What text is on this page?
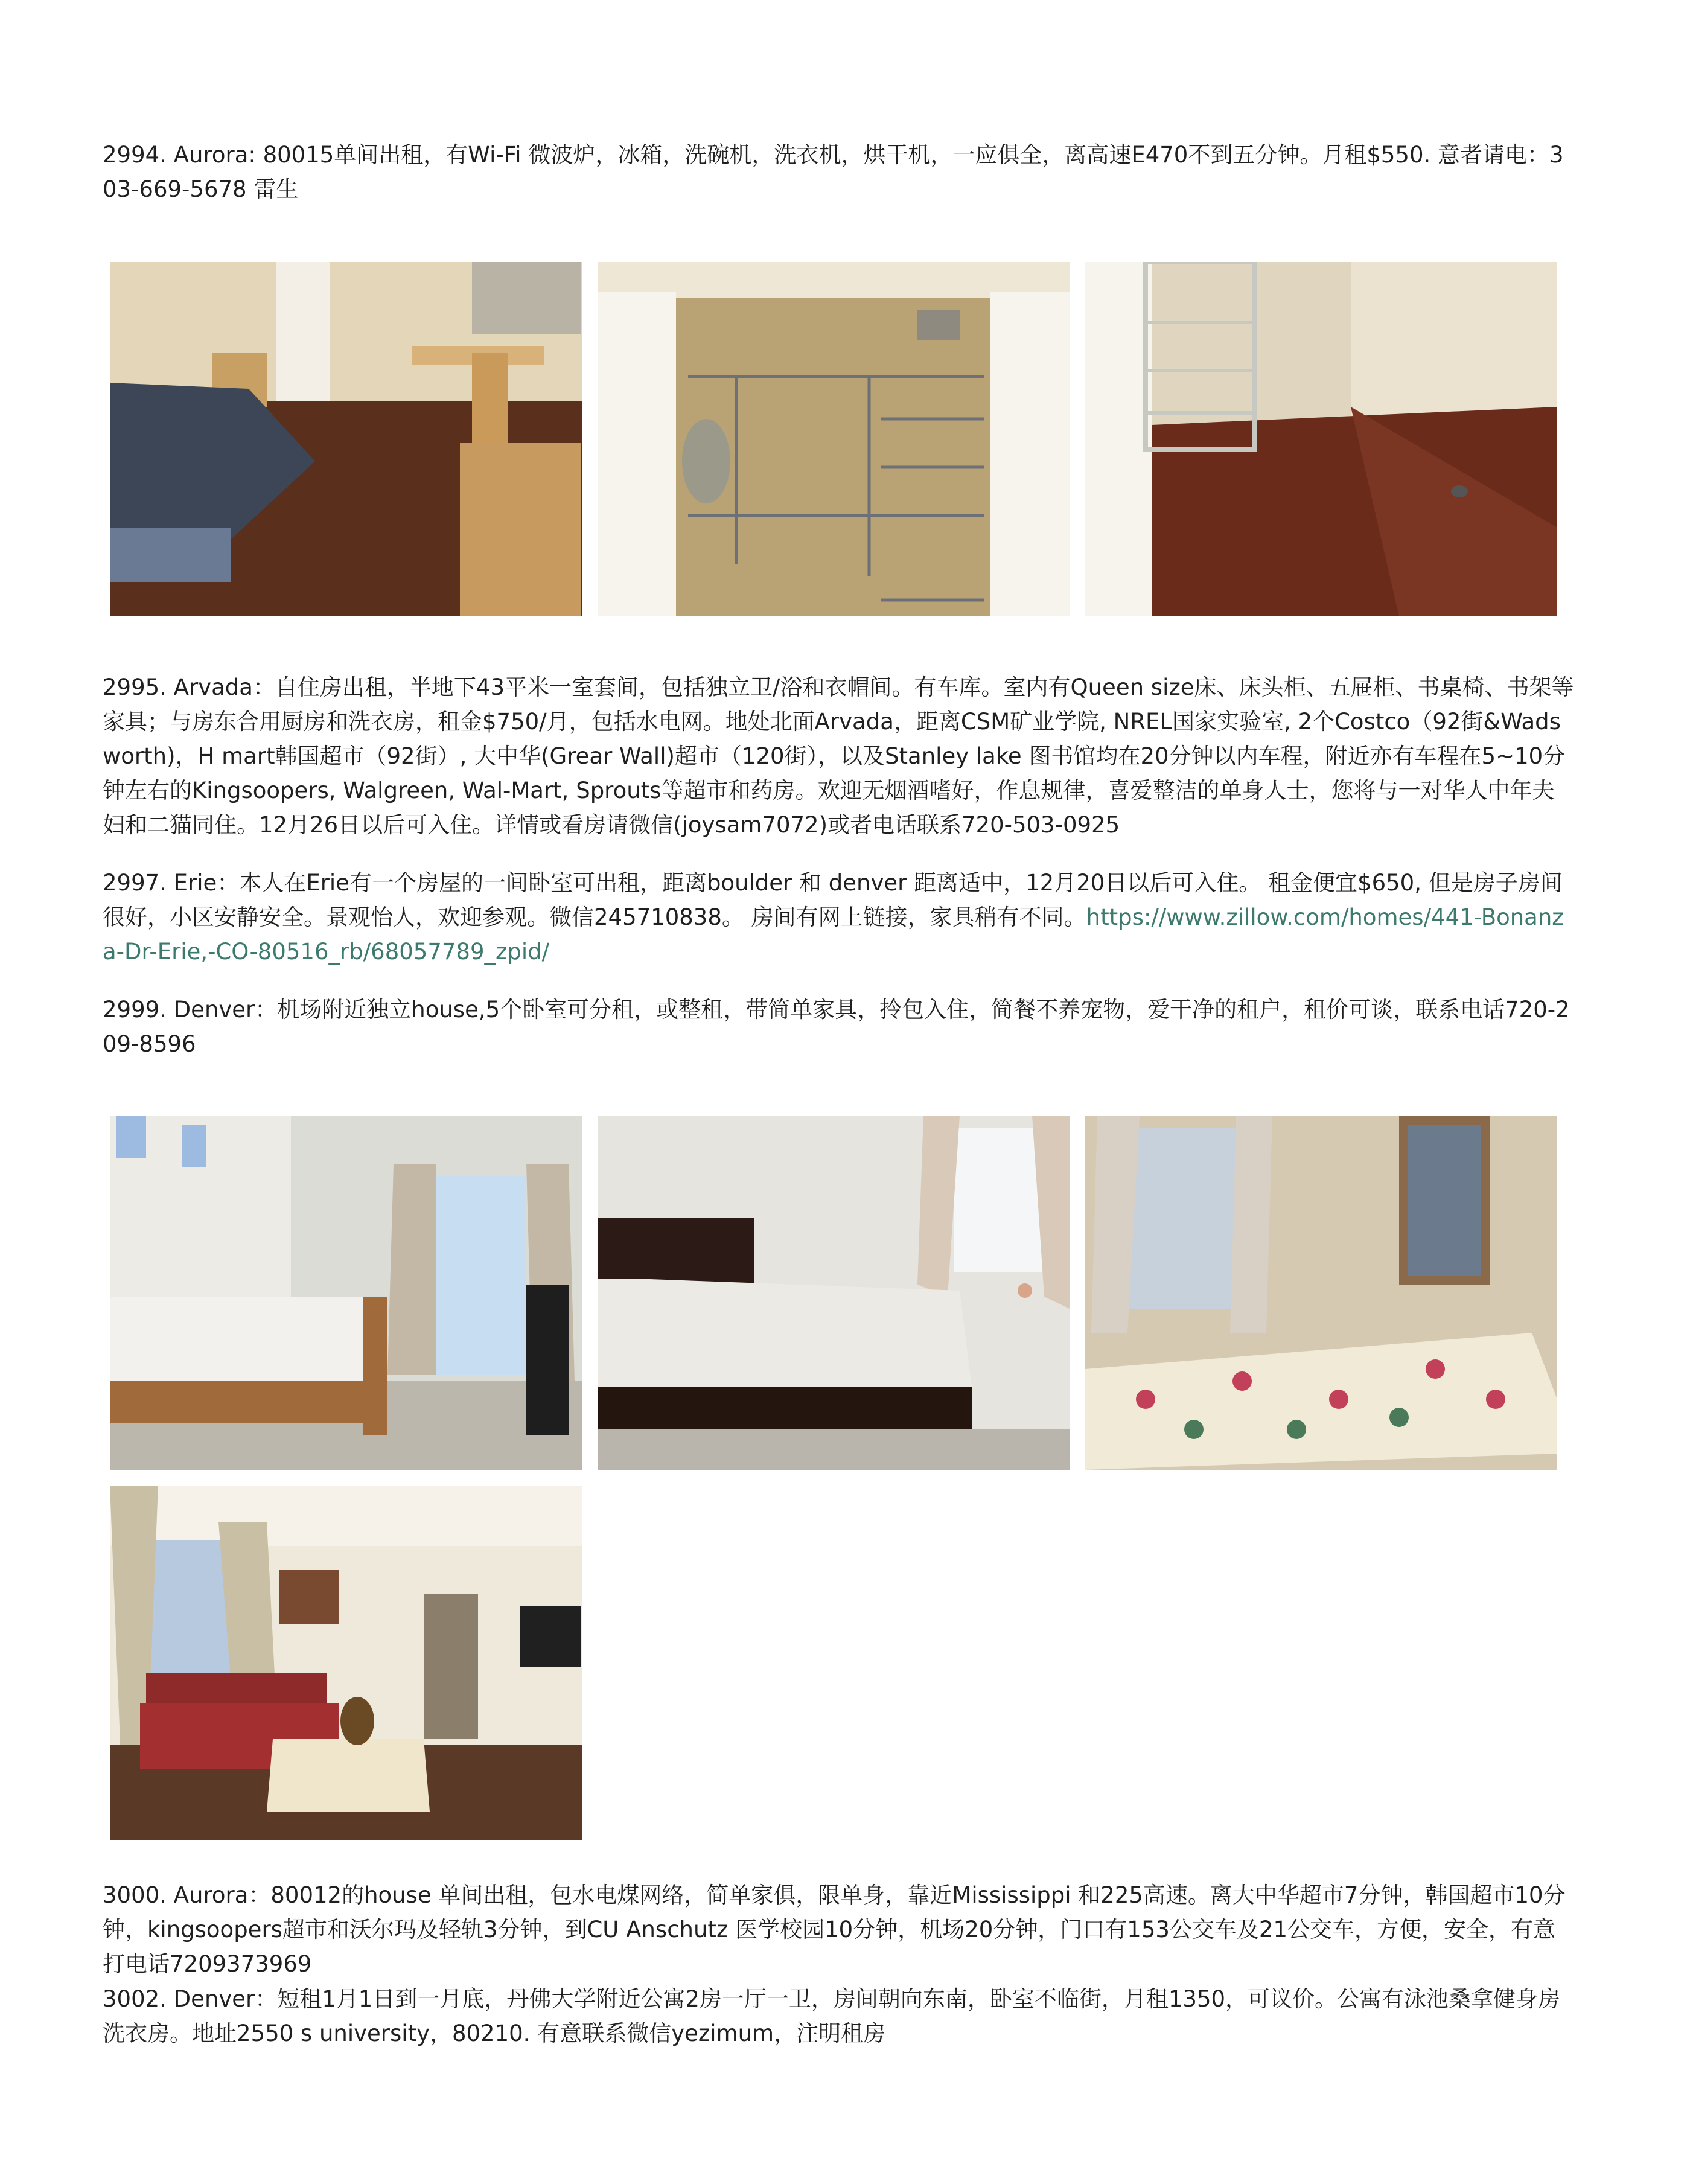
2994. Aurora: 80015单间出租，有Wi-Fi 微波炉，冰箱，洗碗机，洗衣机，烘干机，一应俱全，离高速E470不到五分钟。月租$550. 意者请电：303-669-5678 雷生

2995. Arvada：自住房出租，半地下43平米一室套间，包括独立卫/浴和衣帽间。有车库。室内有Queen size床、床头柜、五屉柜、书桌椅、书架等家具；与房东合用厨房和洗衣房，租金$750/月，包括水电网。地处北面Arvada，距离CSM矿业学院, NREL国家实验室, 2个Costco（92街&Wadsworth)，H mart韩国超市（92街）, 大中华(Grear Wall)超市（120街），以及Stanley lake 图书馆均在20分钟以内车程，附近亦有车程在5~10分钟左右的Kingsoopers, Walgreen, Wal-Mart, Sprouts等超市和药房。欢迎无烟酒嗜好，作息规律，喜爱整洁的单身人士，您将与一对华人中年夫妇和二猫同住。12月26日以后可入住。详情或看房请微信(joysam7072)或者电话联系720-503-0925

2997. Erie：本人在Erie有一个房屋的一间卧室可出租，距离boulder 和 denver 距离适中，12月20日以后可入住。 租金便宜$650, 但是房子房间很好，小区安静安全。景观怡人，欢迎参观。微信245710838。 房间有网上链接，家具稍有不同。https://www.zillow.com/homes/441-Bonanza-Dr-Erie,-CO-80516_rb/68057789_zpid/

2999. Denver：机场附近独立house,5个卧室可分租，或整租，带简单家具，拎包入住，简餐不养宠物，爱干净的租户，租价可谈，联系电话720-209-8596

3000. Aurora：80012的house 单间出租，包水电煤网络，简单家俱，限单身，靠近Mississippi 和225高速。离大中华超市7分钟，韩国超市10分钟，kingsoopers超市和沃尔玛及轻轨3分钟，到CU Anschutz 医学校园10分钟，机场20分钟，门口有153公交车及21公交车，方便，安全，有意打电话7209373969

3002. Denver：短租1月1日到一月底，丹佛大学附近公寓2房一厅一卫，房间朝向东南，卧室不临街，月租1350，可议价。公寓有泳池桑拿健身房洗衣房。地址2550 s university，80210. 有意联系微信yezimum，注明租房
